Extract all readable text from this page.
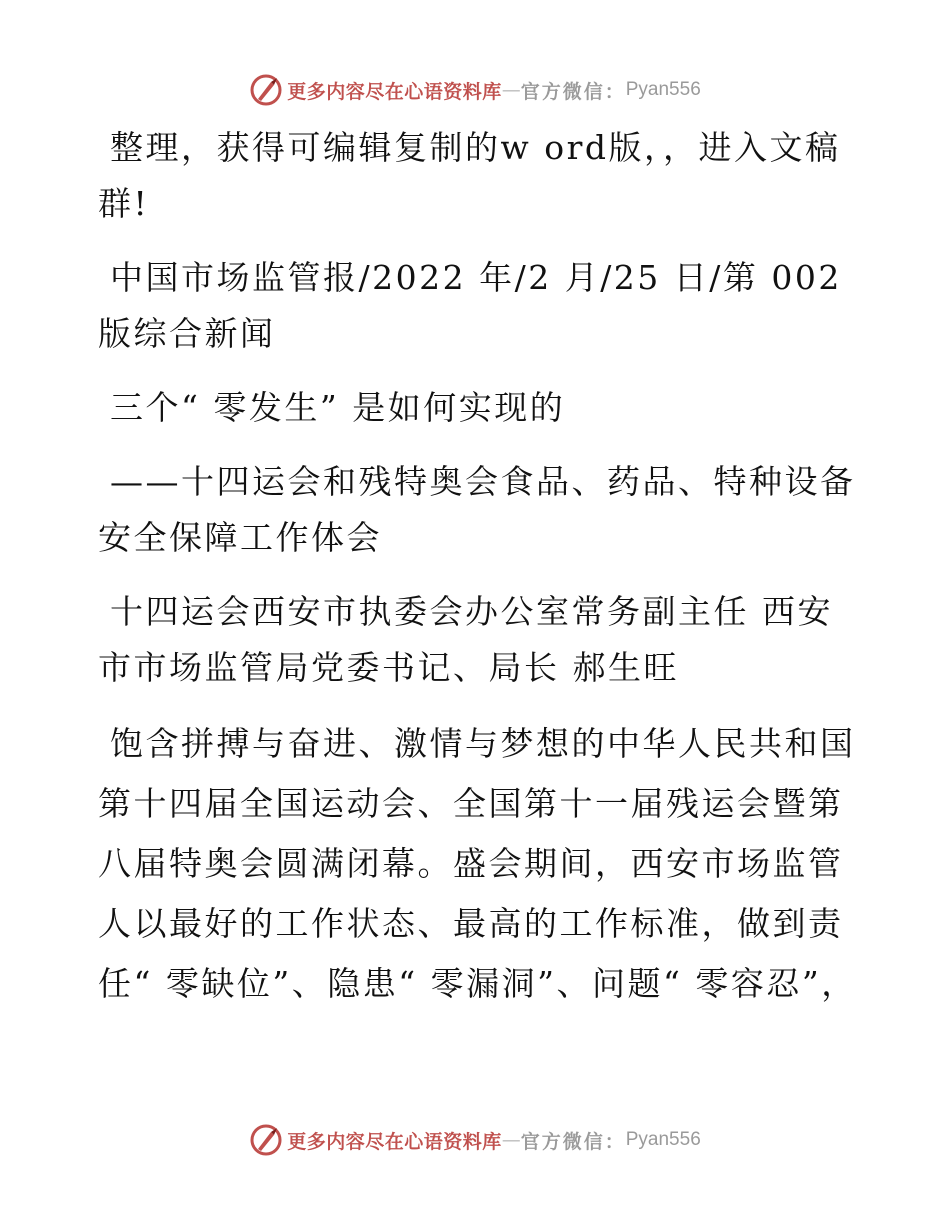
更多内容尽在心语资料库 — 官方微信： Pyan556

整理，获得可编辑复制的w ord版，，进入文稿群!

中国市场监管报/2022 年/2 月/25 日/第 002 版综合新闻

三个“ 零发生” 是如何实现的

——十四运会和残特奥会食品、药品、特种设备安全保障工作体会

十四运会西安市执委会办公室常务副主任 西安市市场监管局党委书记、局长 郝生旺

饱含拼搏与奋进、激情与梦想的中华人民共和国第十四届全国运动会、全国第十一届残运会暨第八届特奥会圆满闭幕。盛会期间，西安市场监管人以最好的工作状态、最高的工作标准，做到责任“ 零缺位”、隐患“ 零漏洞”、问题“ 零容忍”，

更多内容尽在心语资料库 — 官方微信： Pyan556
